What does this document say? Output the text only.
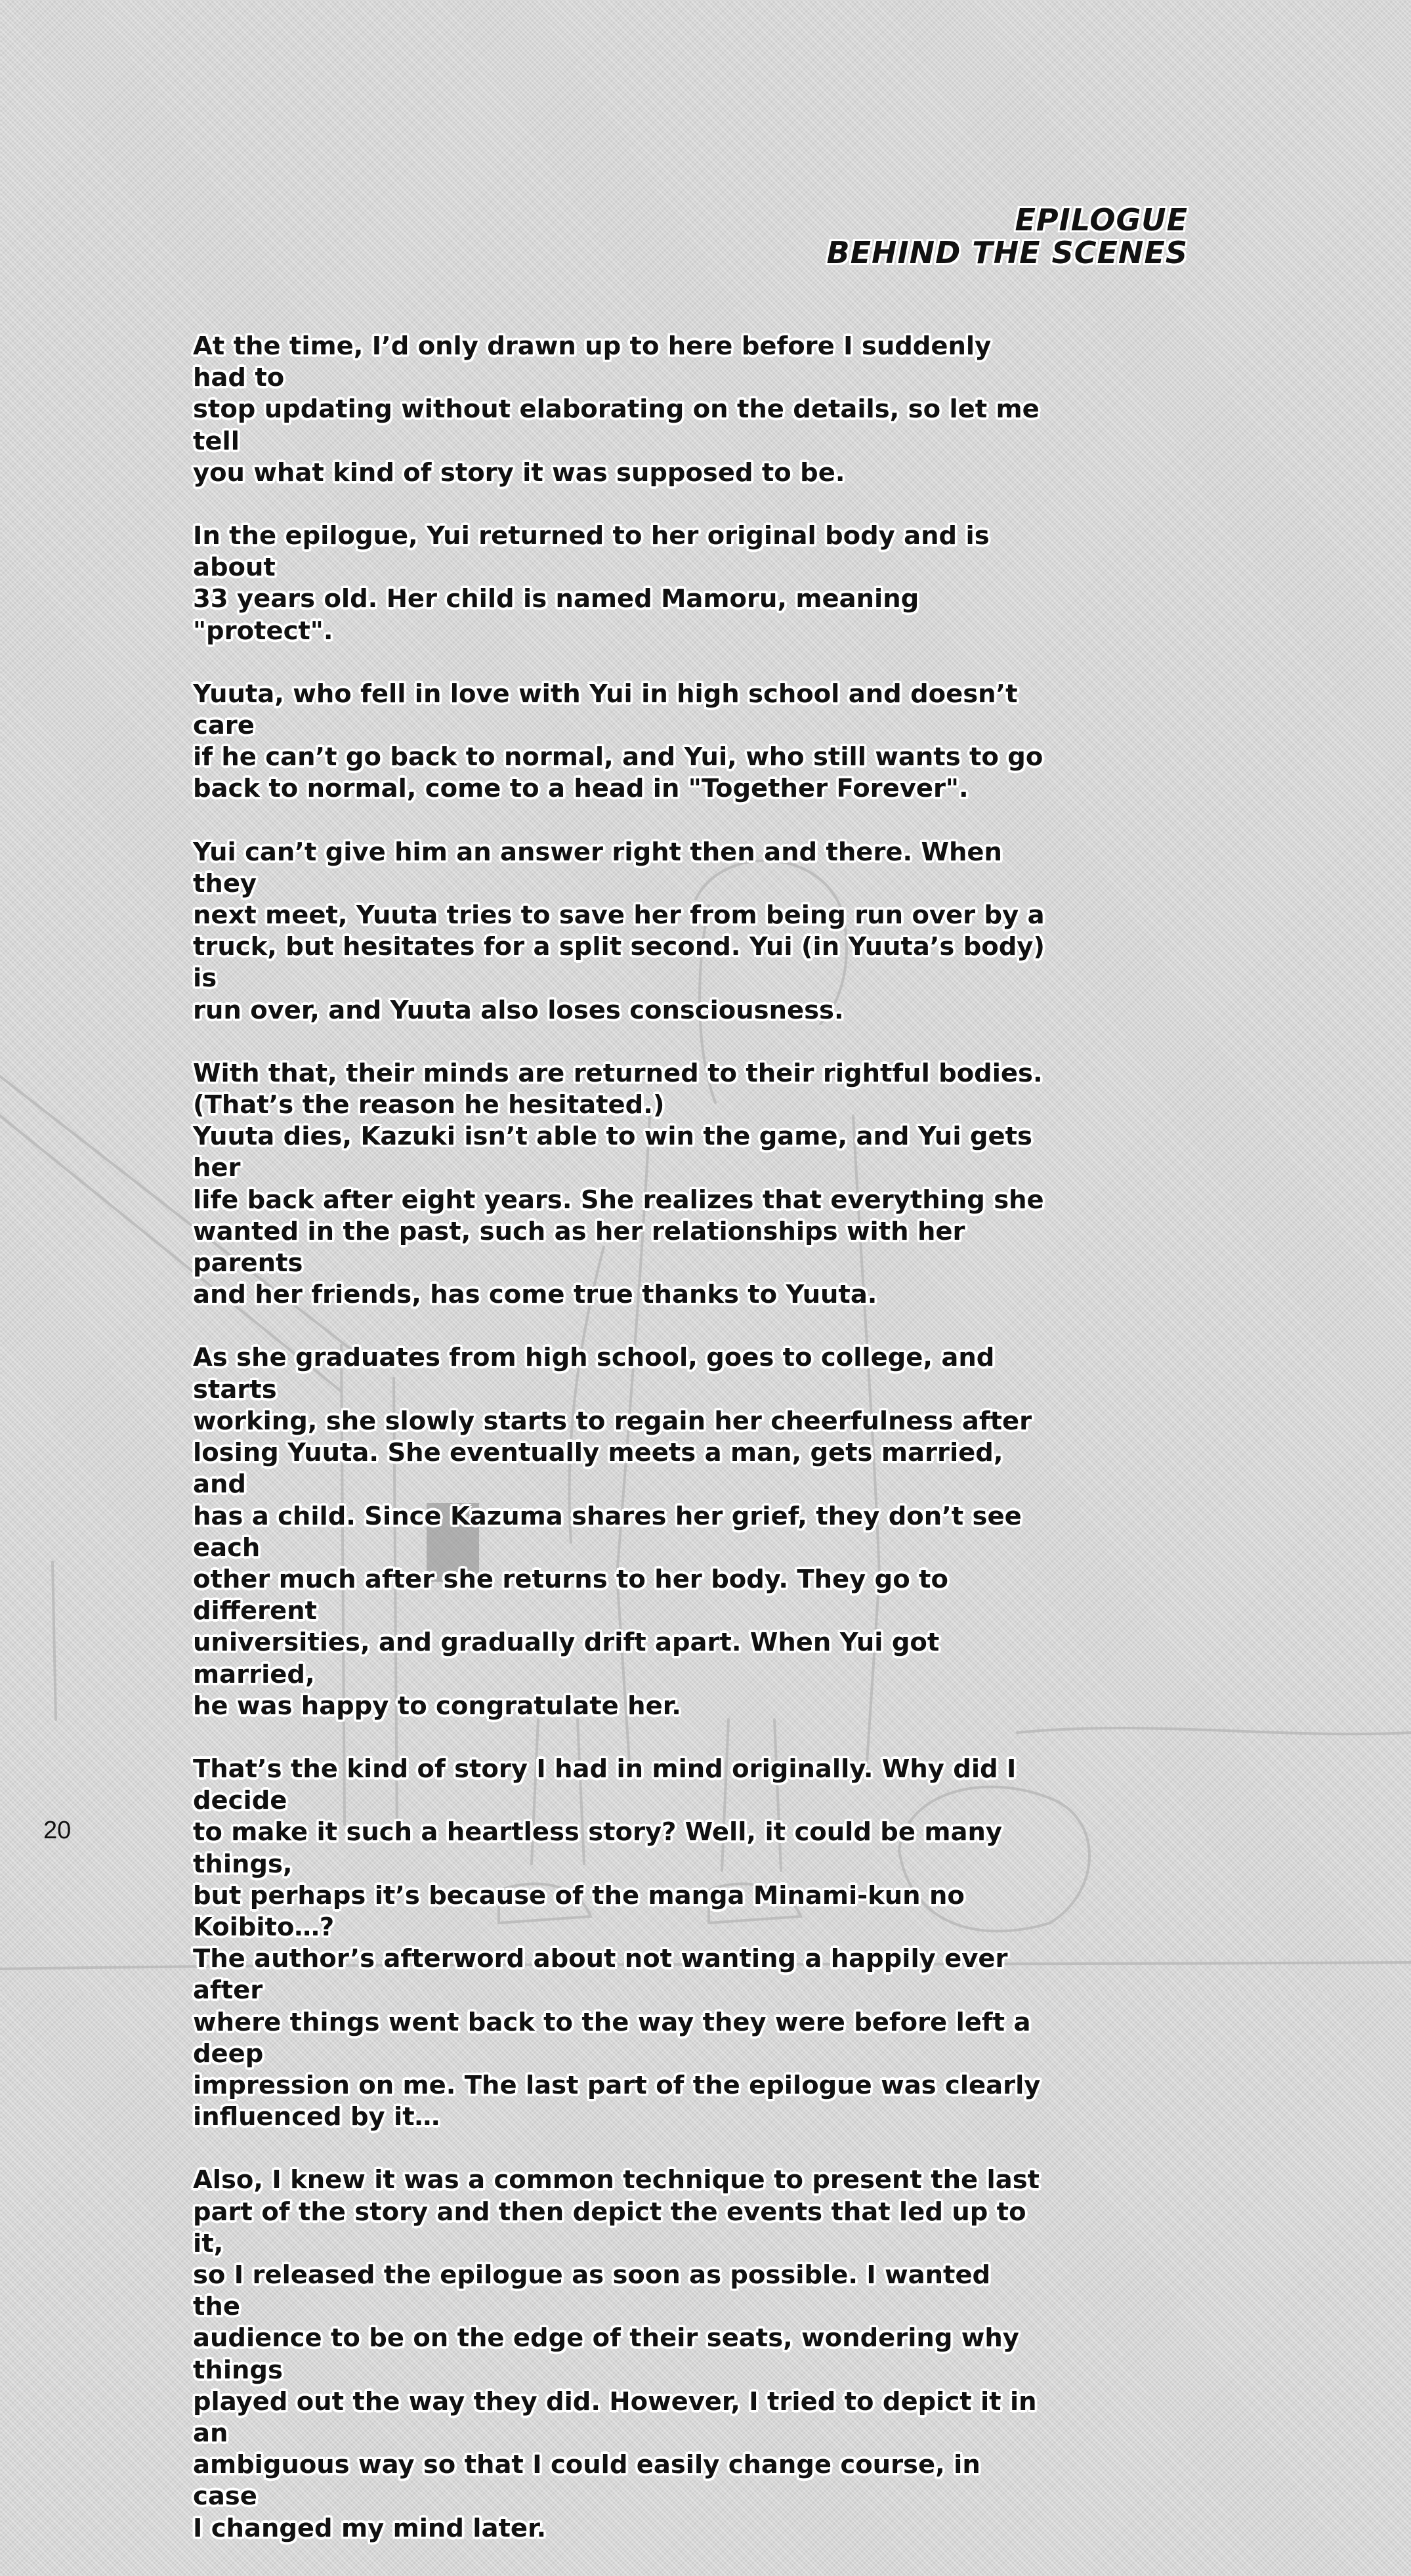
EPILOGUE
BEHIND THE SCENES

At the time, I’d only drawn up to here before I suddenly had to
stop updating without elaborating on the details, so let me tell
you what kind of story it was supposed to be.

In the epilogue, Yui returned to her original body and is about
33 years old. Her child is named Mamoru, meaning "protect".

Yuuta, who fell in love with Yui in high school and doesn’t care
if he can’t go back to normal, and Yui, who still wants to go
back to normal, come to a head in "Together Forever".

Yui can’t give him an answer right then and there. When they
next meet, Yuuta tries to save her from being run over by a
truck, but hesitates for a split second. Yui (in Yuuta’s body) is
run over, and Yuuta also loses consciousness.

With that, their minds are returned to their rightful bodies.
(That’s the reason he hesitated.)
Yuuta dies, Kazuki isn’t able to win the game, and Yui gets her
life back after eight years. She realizes that everything she
wanted in the past, such as her relationships with her parents
and her friends, has come true thanks to Yuuta.

As she graduates from high school, goes to college, and starts
working, she slowly starts to regain her cheerfulness after
losing Yuuta. She eventually meets a man, gets married, and
has a child. Since Kazuma shares her grief, they don’t see each
other much after she returns to her body. They go to different
universities, and gradually drift apart. When Yui got married,
he was happy to congratulate her.

That’s the kind of story I had in mind originally. Why did I decide
to make it such a heartless story? Well, it could be many things,
but perhaps it’s because of the manga Minami-kun no Koibito…?
The author’s afterword about not wanting a happily ever after
where things went back to the way they were before left a deep
impression on me. The last part of the epilogue was clearly
influenced by it…

Also, I knew it was a common technique to present the last
part of the story and then depict the events that led up to it,
so I released the epilogue as soon as possible. I wanted the
audience to be on the edge of their seats, wondering why things
played out the way they did. However, I tried to depict it in an
ambiguous way so that I could easily change course, in case
I changed my mind later.

20
